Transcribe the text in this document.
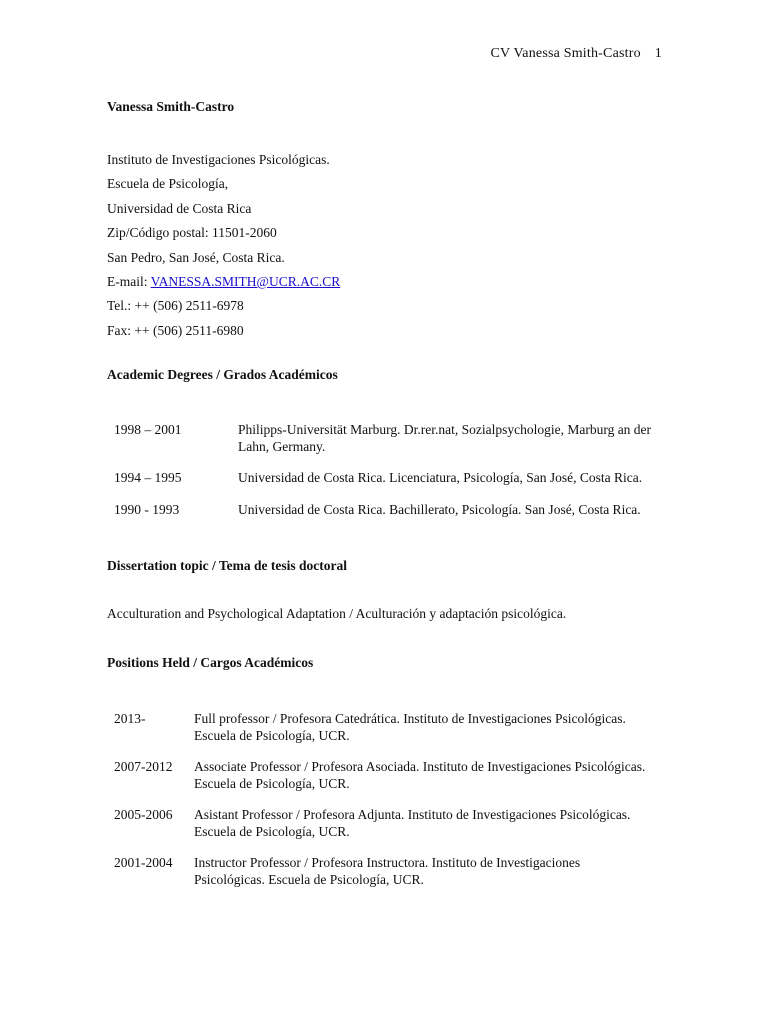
CV Vanessa Smith-Castro 1
Vanessa Smith-Castro
Instituto de Investigaciones Psicológicas.
Escuela de Psicología,
Universidad de Costa Rica
Zip/Código postal: 11501-2060
San Pedro, San José, Costa Rica.
E-mail: VANESSA.SMITH@UCR.AC.CR
Tel.: ++ (506) 2511-6978
Fax: ++ (506) 2511-6980
Academic Degrees / Grados Académicos
1998 – 2001	Philipps-Universität Marburg. Dr.rer.nat, Sozialpsychologie, Marburg an der Lahn, Germany.
1994 – 1995	Universidad de Costa Rica. Licenciatura, Psicología, San José, Costa Rica.
1990 - 1993	Universidad de Costa Rica. Bachillerato, Psicología. San José, Costa Rica.
Dissertation topic / Tema de tesis doctoral
Acculturation and Psychological Adaptation / Aculturación y adaptación psicológica.
Positions Held / Cargos Académicos
2013-	Full professor / Profesora Catedrática. Instituto de Investigaciones Psicológicas. Escuela de Psicología, UCR.
2007-2012 Associate Professor / Profesora Asociada. Instituto de Investigaciones Psicológicas. Escuela de Psicología, UCR.
2005-2006 Asistant Professor / Profesora Adjunta. Instituto de Investigaciones Psicológicas. Escuela de Psicología, UCR.
2001-2004 Instructor Professor / Profesora Instructora. Instituto de Investigaciones Psicológicas. Escuela de Psicología, UCR.
